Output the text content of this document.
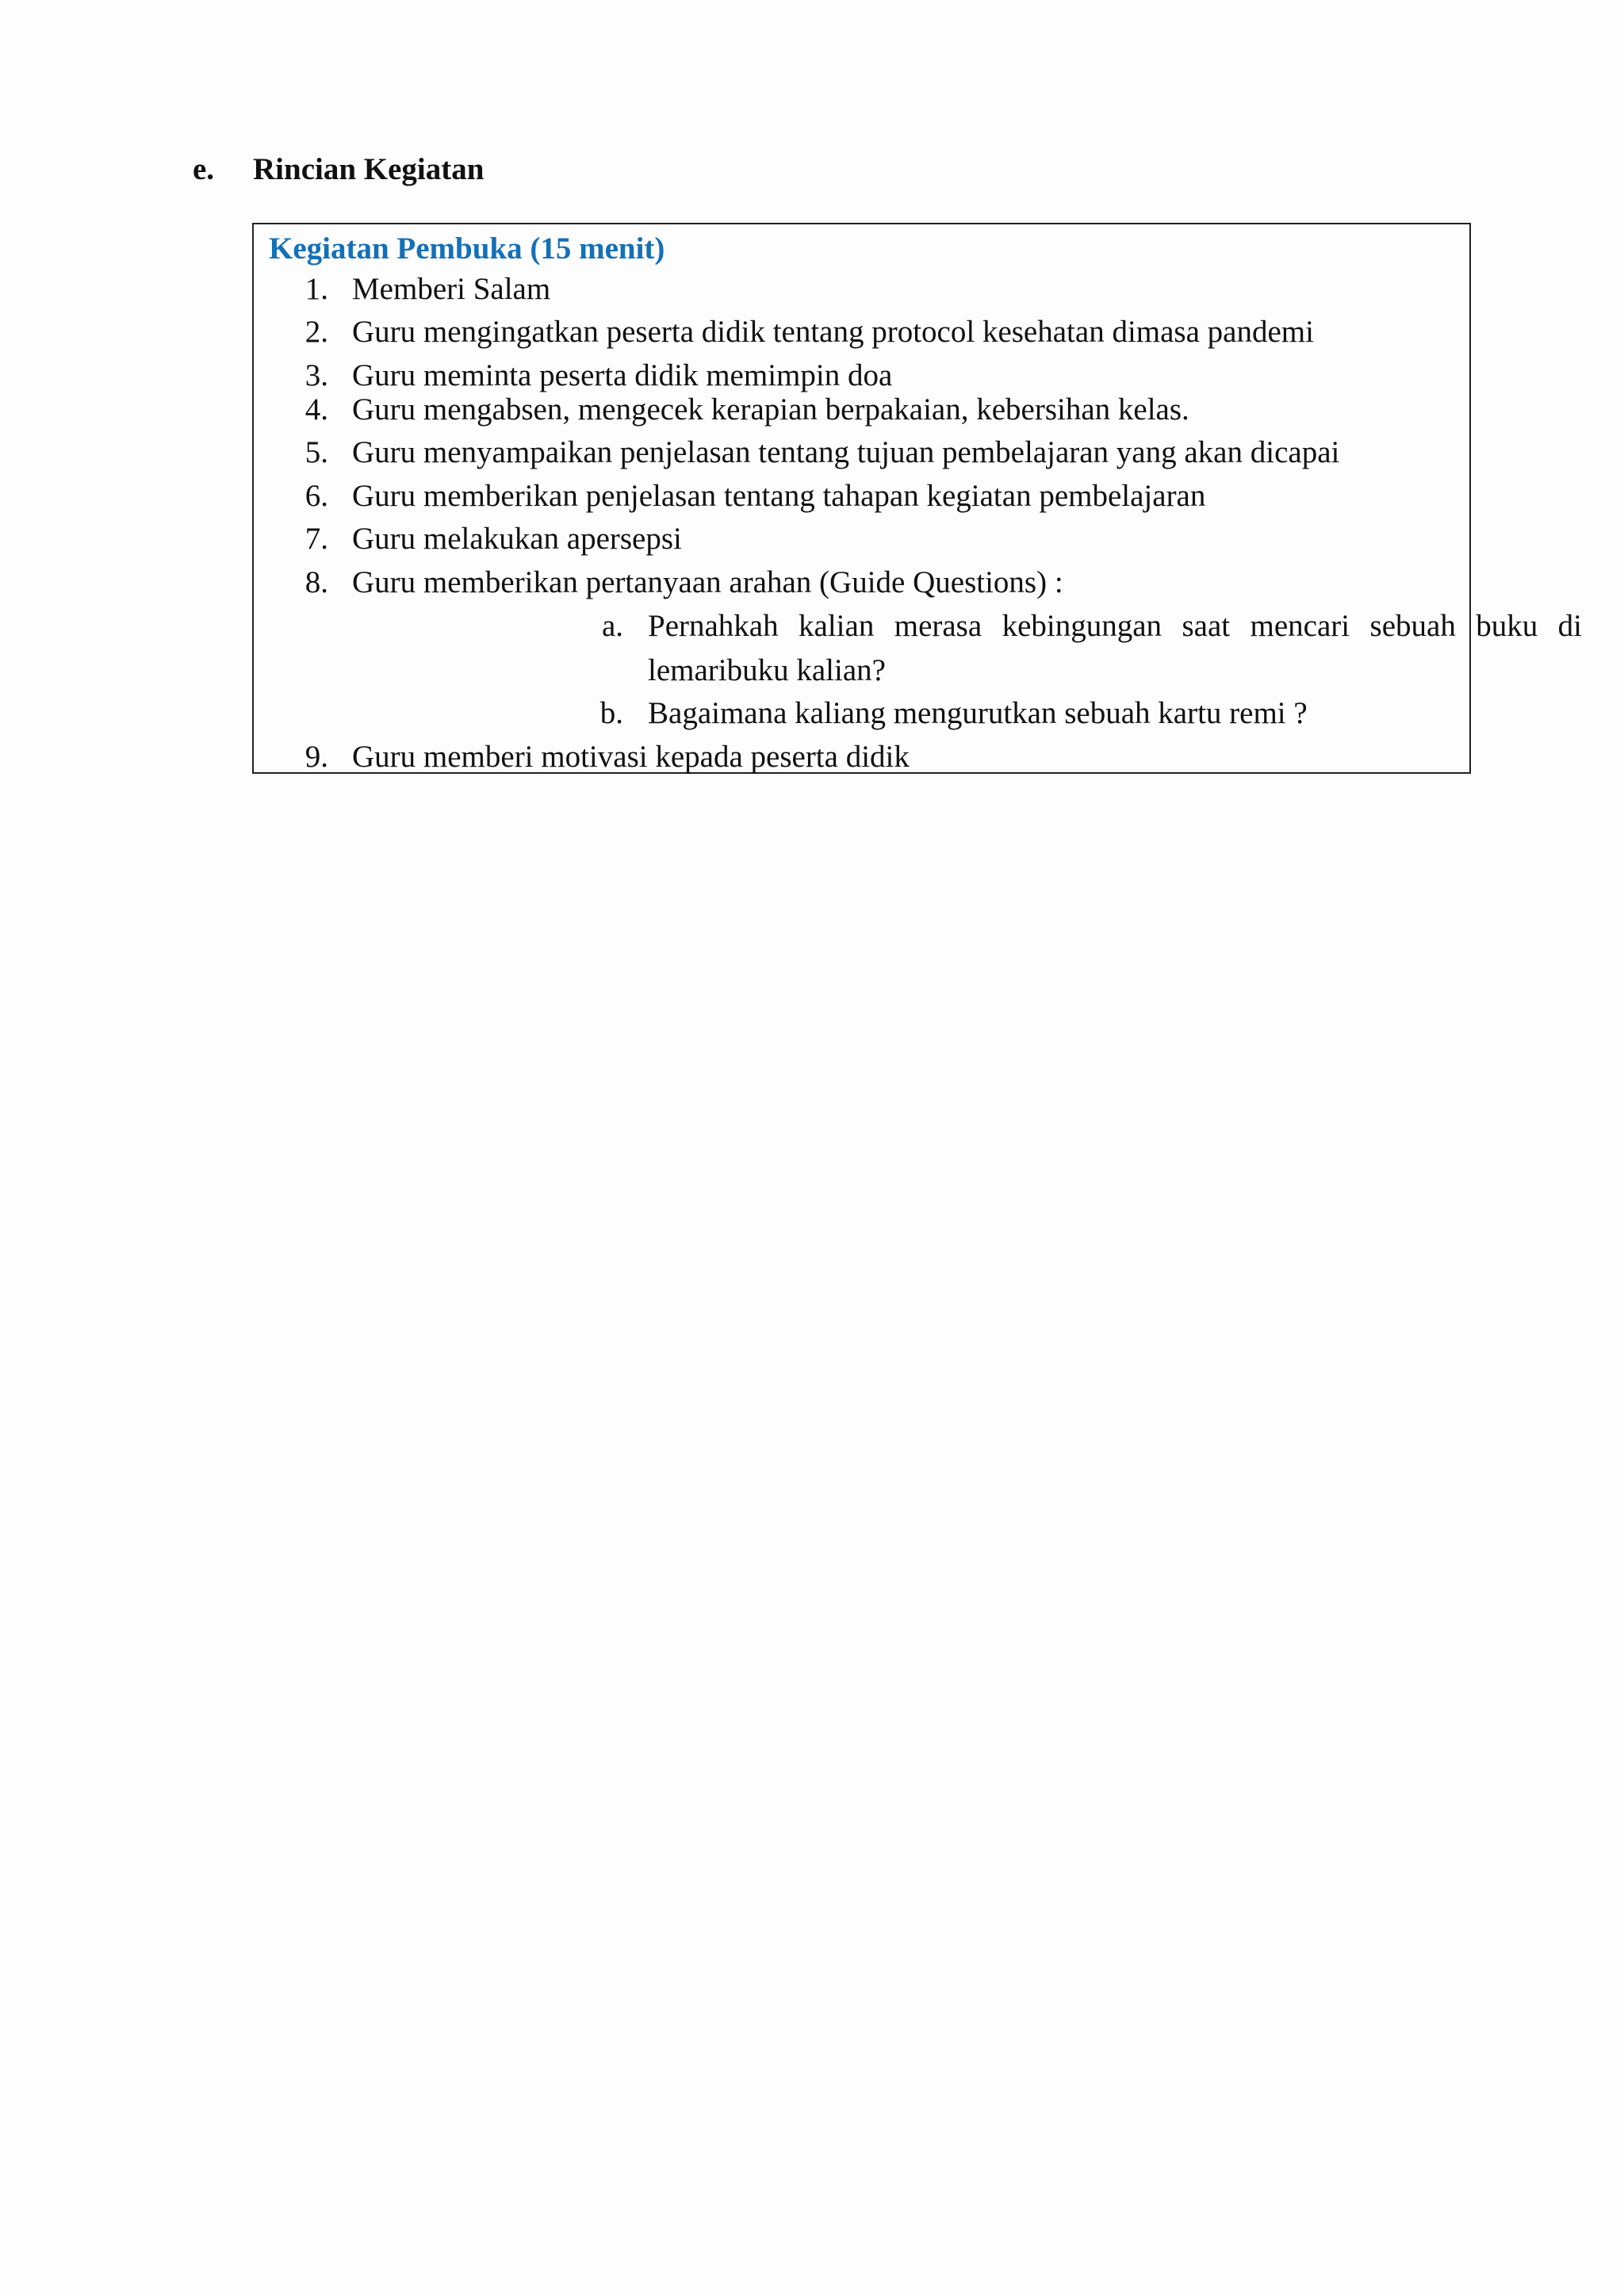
e. Rincian Kegiatan
Kegiatan Pembuka (15 menit)
1. Memberi Salam
2. Guru mengingatkan peserta didik tentang protocol kesehatan dimasa pandemi
3. Guru meminta peserta didik memimpin doa
4. Guru mengabsen, mengecek kerapian berpakaian, kebersihan kelas.
5. Guru menyampaikan penjelasan tentang tujuan pembelajaran yang akan dicapai
6. Guru memberikan penjelasan tentang tahapan kegiatan pembelajaran
7. Guru melakukan apersepsi
8. Guru memberikan pertanyaan arahan (Guide Questions) :
a. Pernahkah kalian merasa kebingungan saat mencari sebuah buku di lemaribuku kalian?
b. Bagaimana kaliang mengurutkan sebuah kartu remi ?
9. Guru memberi motivasi kepada peserta didik
